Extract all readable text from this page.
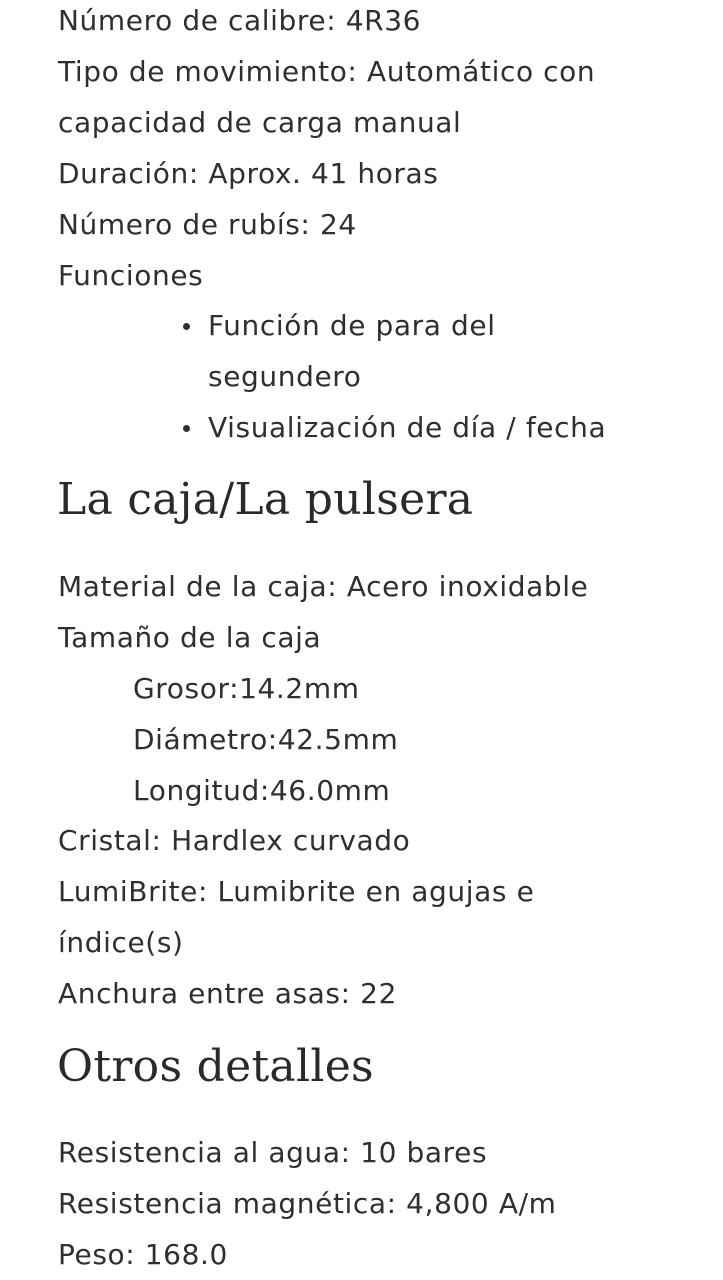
Número de calibre: 4R36
Tipo de movimiento: Automático con
capacidad de carga manual
Duración: Aprox. 41 horas
Número de rubís: 24
Funciones
Función de para del
segundero
Visualización de día / fecha
La caja/La pulsera
Material de la caja: Acero inoxidable
Tamaño de la caja
Grosor:14.2mm
Diámetro:42.5mm
Longitud:46.0mm
Cristal: Hardlex curvado
LumiBrite: Lumibrite en agujas e
índice(s)
Anchura entre asas: 22
Otros detalles
Resistencia al agua: 10 bares
Resistencia magnética: 4,800 A/m
Peso: 168.0
